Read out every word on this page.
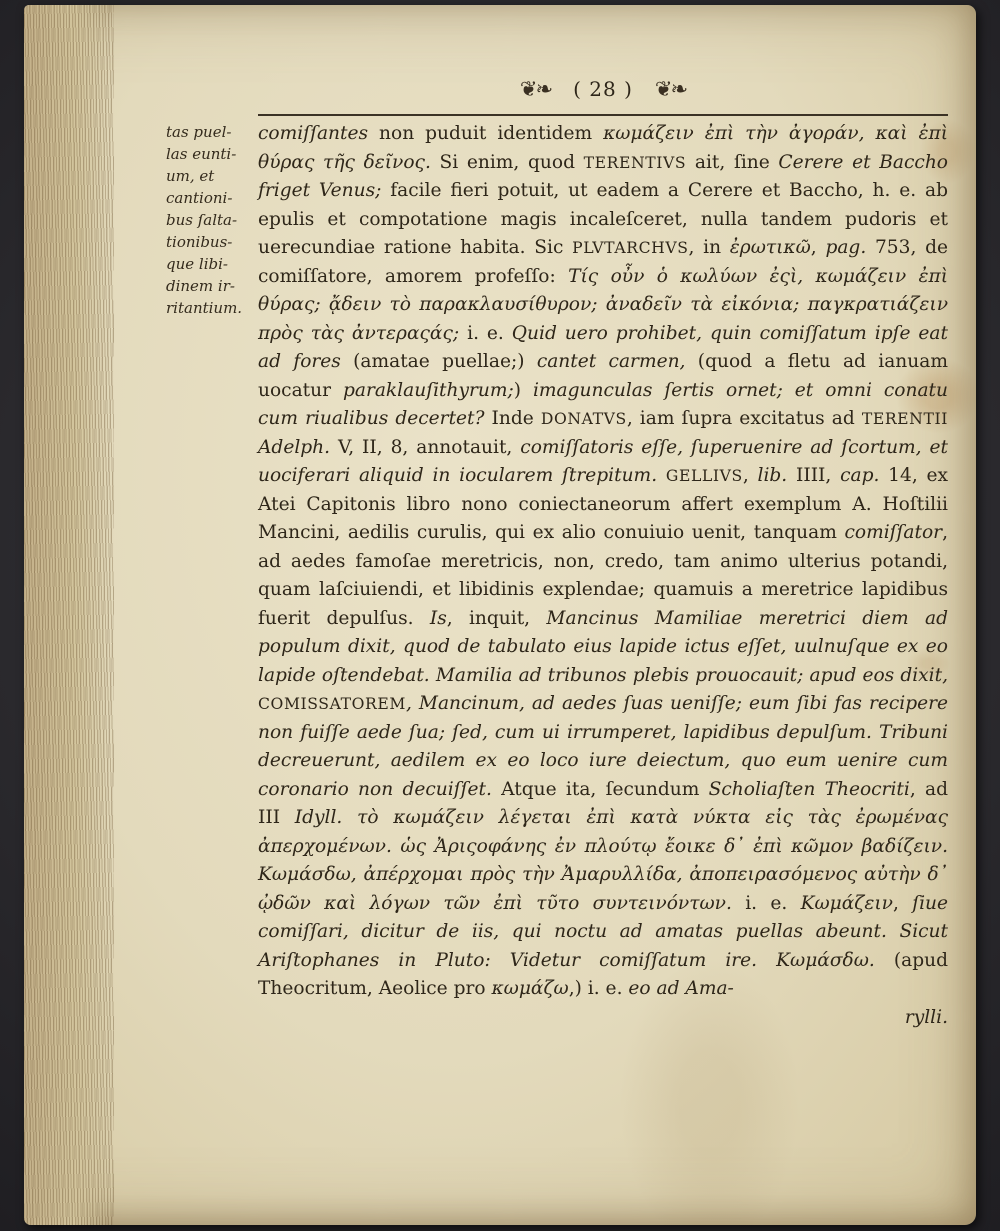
❦❧ ( 28 ) ❦❧
tas puel-
las eunti-
um, et
cantioni-
bus ſalta-
tionibus-
que libi-
dinem ir-
ritantium.
comiſſantes non puduit identidem κωμάζειν ἐπὶ τὴν ἀγοράν, καὶ ἐπὶ θύρας τῆς δεῖνος. Si enim, quod TERENTIVS ait, ſine Cerere et Baccho friget Venus; facile fieri potuit, ut eadem a Cerere et Baccho, h. e. ab epulis et compotatione magis incaleſceret, nulla tandem pudoris et uerecundiae ratione habita. Sic PLVTARCHVS, in ἐρωτικῶ, pag. 753, de comiſſatore, amorem profeſſo: Τίς οὖν ὁ κωλύων ἐςὶ, κωμάζειν ἐπὶ θύρας; ᾄδειν τὸ παρακλαυσίθυρον; ἀναδεῖν τὰ εἰκόνια; παγκρατιάζειν πρὸς τὰς ἀντεραςάς; i. e. Quid uero prohibet, quin comiſſatum ipſe eat ad fores (amatae puellae;) cantet carmen, (quod a fletu ad ianuam uocatur paraklauſithyrum;) imagunculas ſertis ornet; et omni conatu cum riualibus decertet? Inde DONATVS, iam ſupra excitatus ad TERENTII Adelph. V, II, 8, annotauit, comiſſatoris eſſe, ſuperuenire ad ſcortum, et uociferari aliquid in iocularem ſtrepitum. GELLIVS, lib. IIII, cap. 14, ex Atei Capitonis libro nono coniectaneorum affert exemplum A. Hoſtilii Mancini, aedilis curulis, qui ex alio conuiuio uenit, tanquam comiſſator, ad aedes famoſae meretricis, non, credo, tam animo ulterius potandi, quam laſciuiendi, et libidinis explendae; quamuis a meretrice lapidibus fuerit depulſus. Is, inquit, Mancinus Mamiliae meretrici diem ad populum dixit, quod de tabulato eius lapide ictus eſſet, uulnuſque ex eo lapide oſtendebat. Mamilia ad tribunos plebis prouocauit; apud eos dixit, COMISSATOREM, Mancinum, ad aedes ſuas ueniſſe; eum ſibi fas recipere non fuiſſe aede ſua; ſed, cum ui irrumperet, lapidibus depulſum. Tribuni decreuerunt, aedilem ex eo loco iure deiectum, quo eum uenire cum coronario non decuiſſet. Atque ita, ſecundum Scholiaſten Theocriti, ad III Idyll. τὸ κωμάζειν λέγεται ἐπὶ κατὰ νύκτα εἰς τὰς ἐρωμένας ἀπερχομένων. ὡς Ἀριςοφάνης ἐν πλούτῳ ἔοικε δ᾽ ἐπὶ κῶμον βαδίζειν. Κωμάσδω, ἀπέρχομαι πρὸς τὴν Ἀμαρυλλίδα, ἀποπειρασόμενος αὐτὴν δ᾽ ᾠδῶν καὶ λόγων τῶν ἐπὶ τῦτο συντεινόντων. i. e. Κωμάζειν, ſiue comiſſari, dicitur de iis, qui noctu ad amatas puellas abeunt. Sicut Ariſtophanes in Pluto: Videtur comiſſatum ire. Κωμάσδω. (apud Theocritum, Aeolice pro κωμάζω,) i. e. eo ad Ama-
rylli.
